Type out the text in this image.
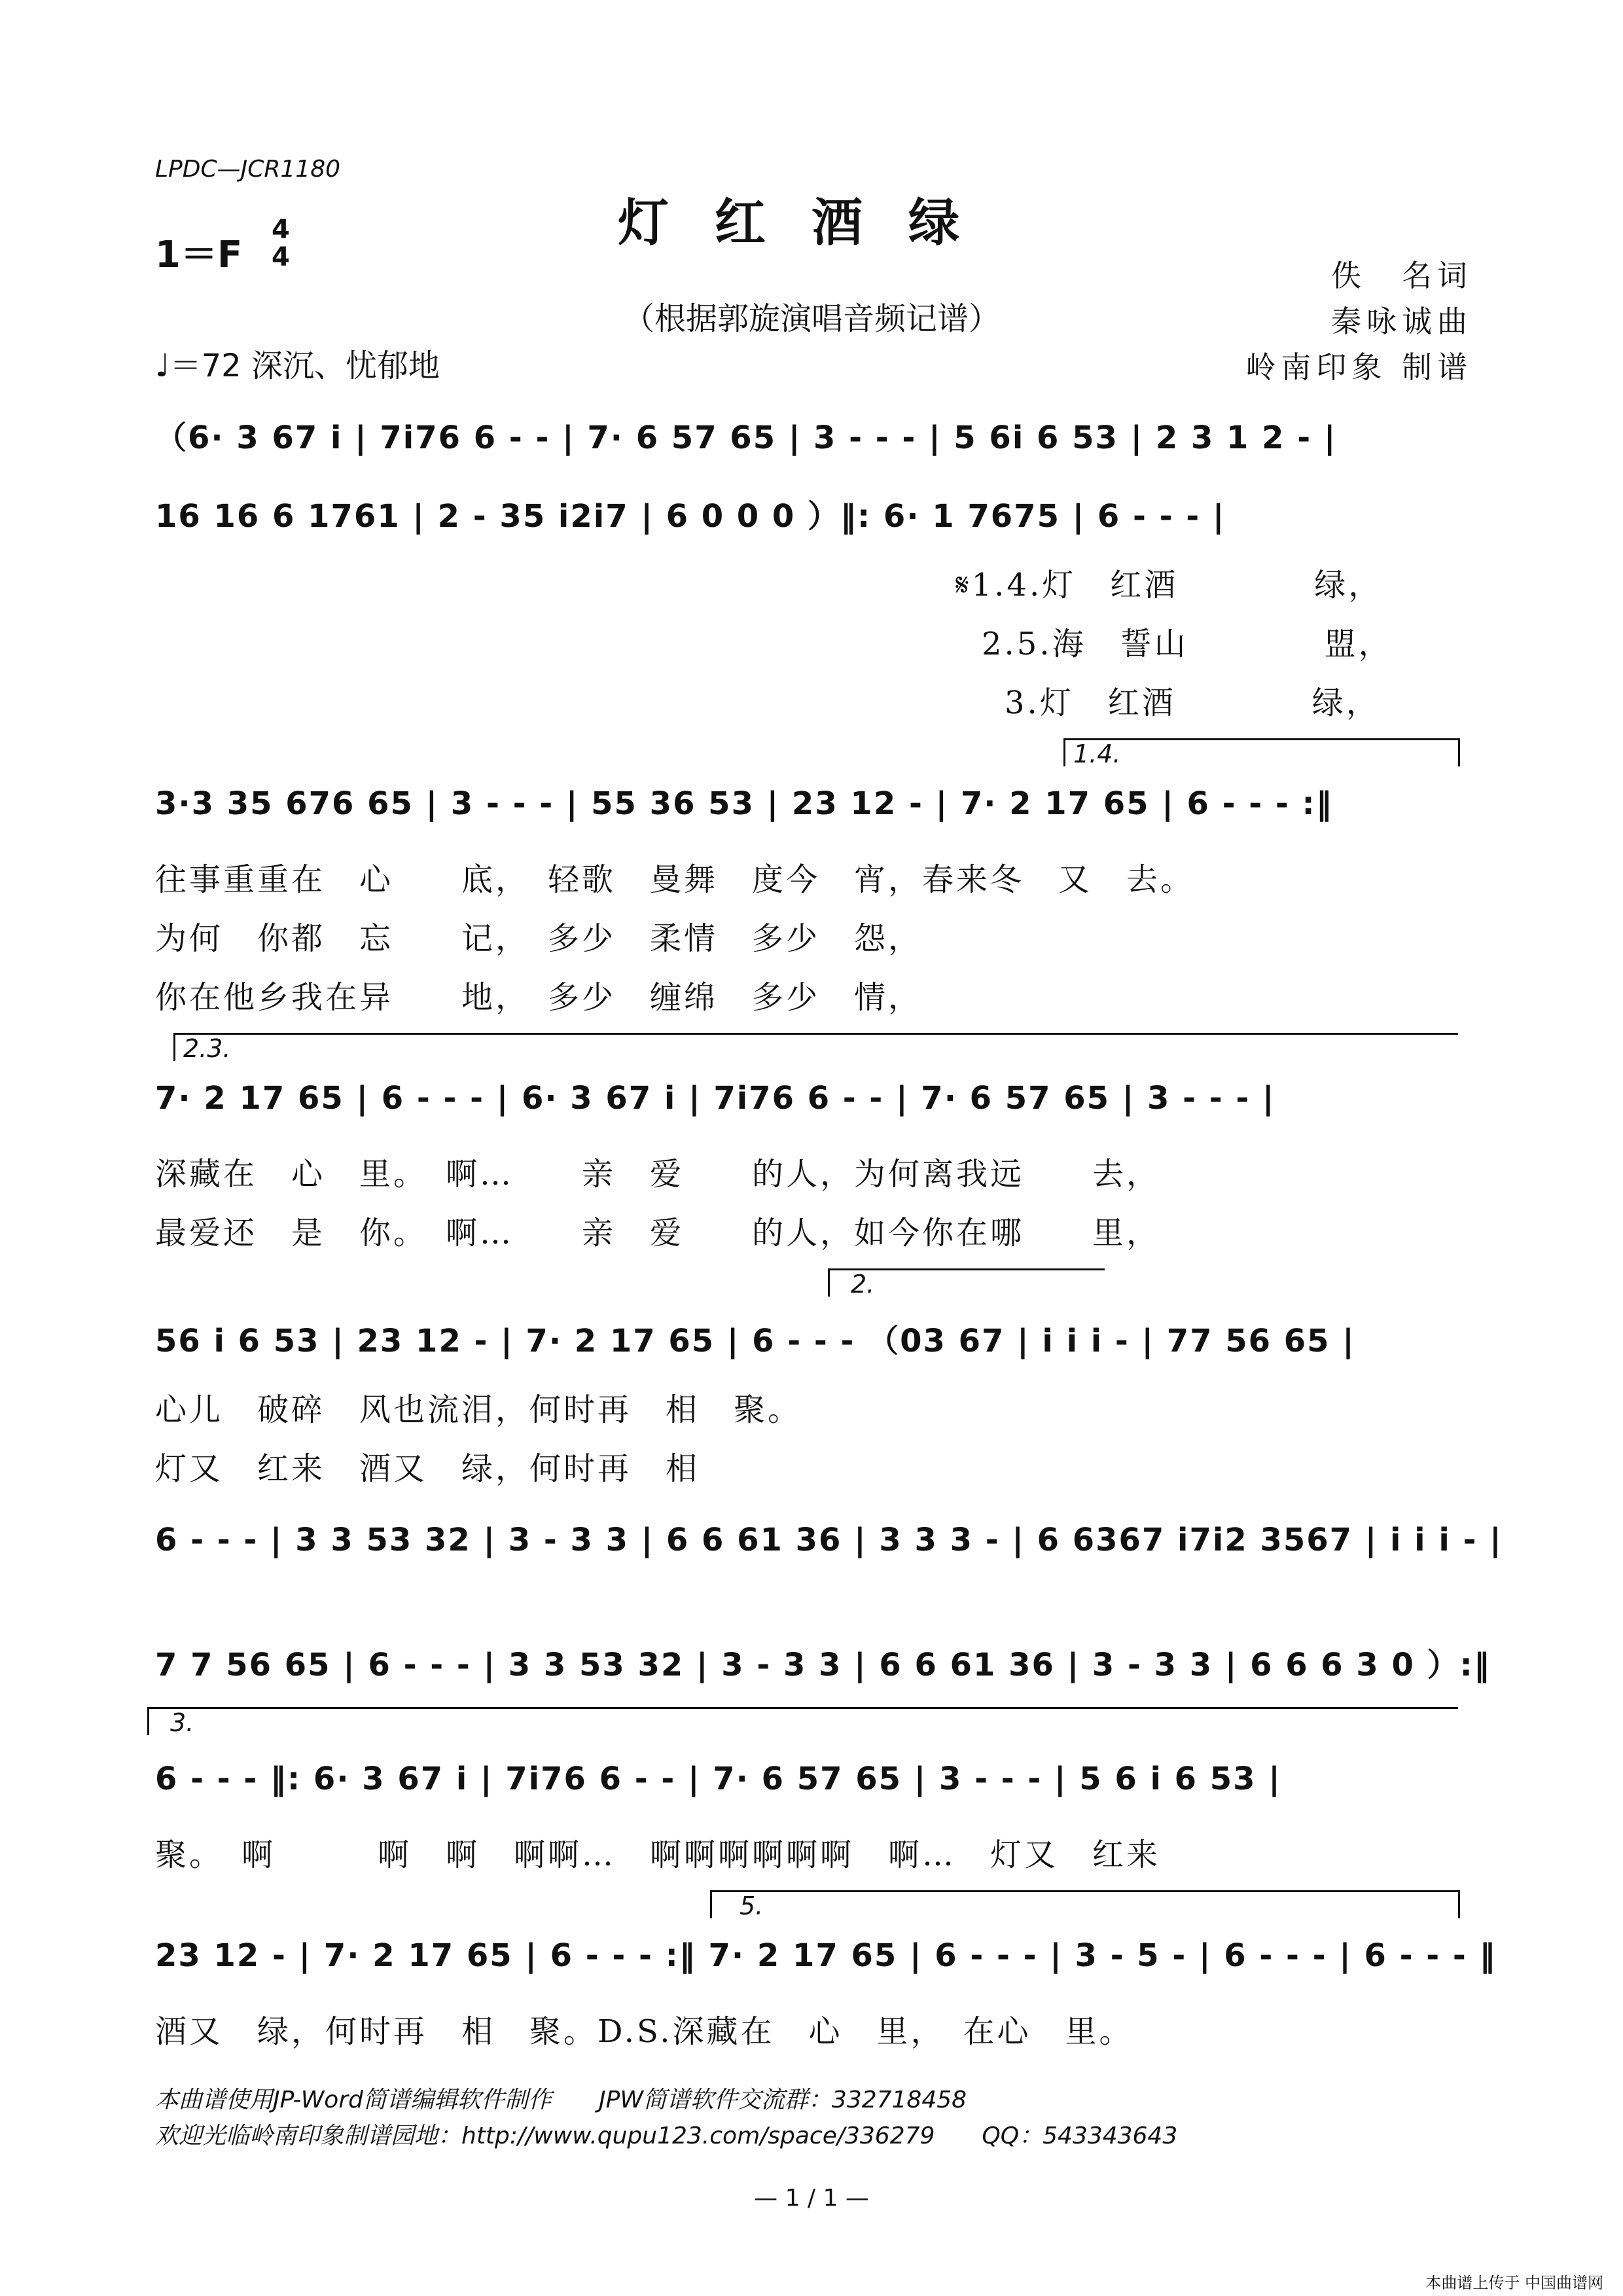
LPDC—JCR1180
灯红酒绿
1＝F
4
4
（根据郭旋演唱音频记谱）
♩＝72 深沉、忧郁地
佚　名词
秦咏诚曲
岭南印象 制谱
（6· 3 67 i | 7i76 6 - - | 7· 6 57 65 | 3 - - - | 5 6i 6 53 | 2 3 1 2 - |
16 16 6 1761 | 2 - 35 i2i7 | 6 0 0 0 ）‖: 6· 1 7675 | 6 - - - |
𝄋1.4.灯　红酒　　　　绿，
2.5.海　誓山　　　　盟，
3.灯　红酒　　　　绿，
1.4.
3·3 35 676 65 | 3 - - - | 55 36 53 | 23 12 - | 7· 2 17 65 | 6 - - - :‖
往事重重在　心　　底，　轻歌　曼舞　度今　宵，春来冬　又　去。
为何　你都　忘　　记，　多少　柔情　多少　怨，
你在他乡我在异　　地，　多少　缠绵　多少　情，
2.3.
7· 2 17 65 | 6 - - - | 6· 3 67 i | 7i76 6 - - | 7· 6 57 65 | 3 - - - |
深藏在　心　里。　啊…　　亲　爱　　的人，为何离我远　　去，
最爱还　是　你。　啊…　　亲　爱　　的人，如今你在哪　　里，
2.
56 i 6 53 | 23 12 - | 7· 2 17 65 | 6 - - - （03 67 | i i i - | 77 56 65 |
心儿　破碎　风也流泪，何时再　相　聚。
灯又　红来　酒又　绿，何时再　相
6 - - - | 3 3 53 32 | 3 - 3 3 | 6 6 61 36 | 3 3 3 - | 6 6367 i7i2 3567 | i i i - |
7 7 56 65 | 6 - - - | 3 3 53 32 | 3 - 3 3 | 6 6 61 36 | 3 - 3 3 | 6 6 6 3 0 ）:‖
3.
6 - - - ‖: 6· 3 67 i | 7i76 6 - - | 7· 6 57 65 | 3 - - - | 5 6 i 6 53 |
聚。　啊　　　啊　啊　啊啊…　啊啊啊啊啊啊　啊…　灯又　红来
5.
23 12 - | 7· 2 17 65 | 6 - - - :‖ 7· 2 17 65 | 6 - - - | 3 - 5 - | 6 - - - | 6 - - - ‖
酒又　绿，何时再　相　聚。D.S.深藏在　心　里，　在心　里。
本曲谱使用JP-Word简谱编辑软件制作　　JPW简谱软件交流群：332718458
欢迎光临岭南印象制谱园地：http://www.qupu123.com/space/336279　　QQ：543343643
— 1 / 1 —
本曲谱上传于 中国曲谱网
